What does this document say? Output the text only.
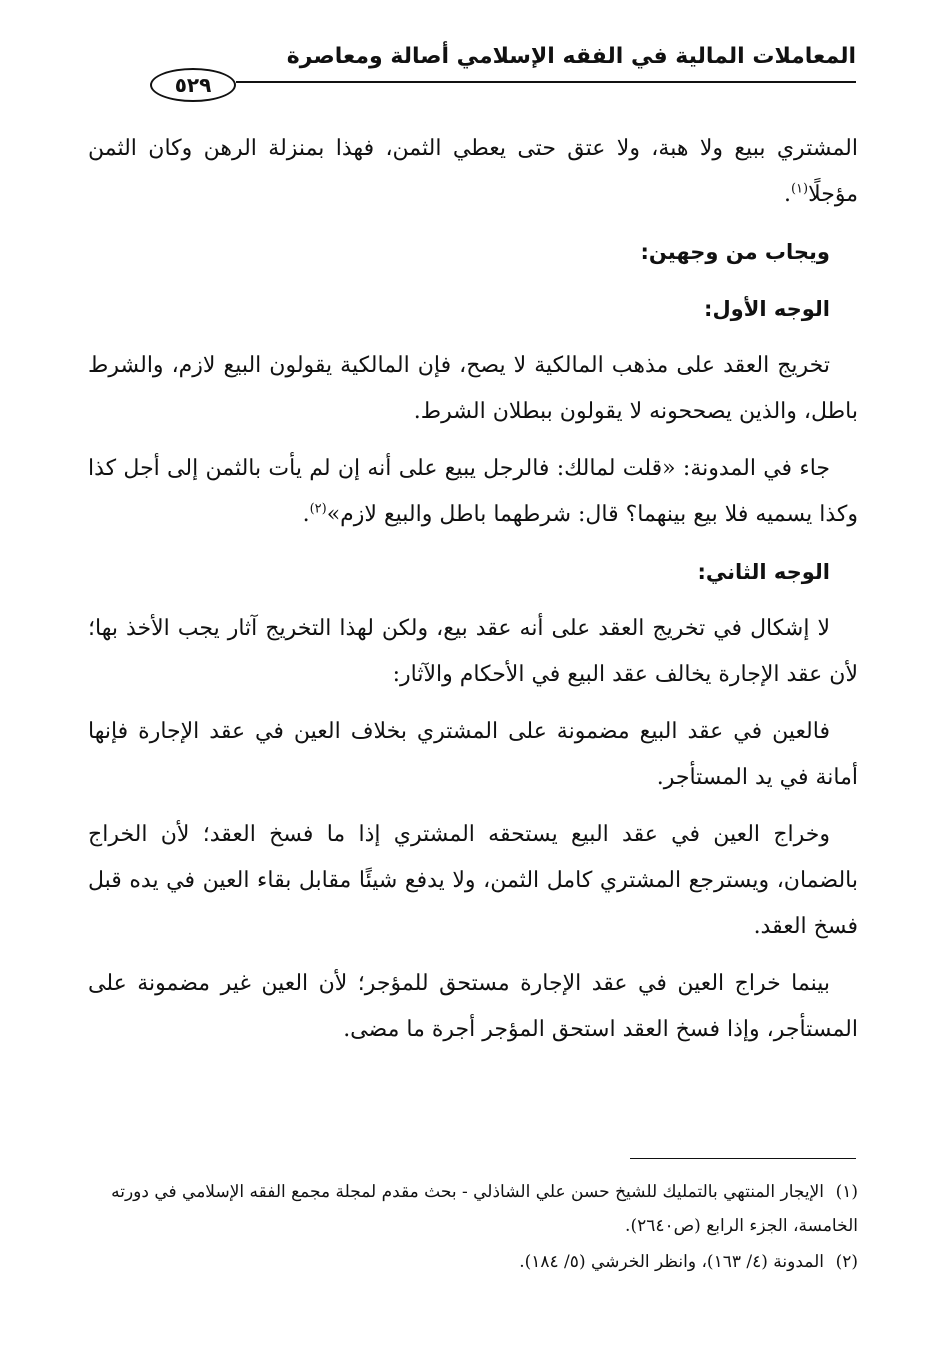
المعاملات المالية في الفقه الإسلامي أصالة ومعاصرة
٥٢٩

المشتري ببيع ولا هبة، ولا عتق حتى يعطي الثمن، فهذا بمنزلة الرهن وكان الثمن مؤجلًا$^{(١)}$.

ويجاب من وجهين:
الوجه الأول:

تخريج العقد على مذهب المالكية لا يصح، فإن المالكية يقولون البيع لازم، والشرط باطل، والذين يصححونه لا يقولون ببطلان الشرط.

جاء في المدونة: «قلت لمالك: فالرجل يبيع على أنه إن لم يأت بالثمن إلى أجل كذا وكذا يسميه فلا بيع بينهما؟ قال: شرطهما باطل والبيع لازم»$^{(٢)}$.

الوجه الثاني:

لا إشكال في تخريج العقد على أنه عقد بيع، ولكن لهذا التخريج آثار يجب الأخذ بها؛ لأن عقد الإجارة يخالف عقد البيع في الأحكام والآثار:

فالعين في عقد البيع مضمونة على المشتري بخلاف العين في عقد الإجارة فإنها أمانة في يد المستأجر.

وخراج العين في عقد البيع يستحقه المشتري إذا ما فسخ العقد؛ لأن الخراج بالضمان، ويسترجع المشتري كامل الثمن، ولا يدفع شيئًا مقابل بقاء العين في يده قبل فسخ العقد.

بينما خراج العين في عقد الإجارة مستحق للمؤجر؛ لأن العين غير مضمونة على المستأجر، وإذا فسخ العقد استحق المؤجر أجرة ما مضى.

(١)الإيجار المنتهي بالتمليك للشيخ حسن علي الشاذلي - بحث مقدم لمجلة مجمع الفقه الإسلامي في دورته الخامسة، الجزء الرابع (ص٢٦٤٠).
(٢)المدونة (٤/ ١٦٣)، وانظر الخرشي (٥/ ١٨٤).
